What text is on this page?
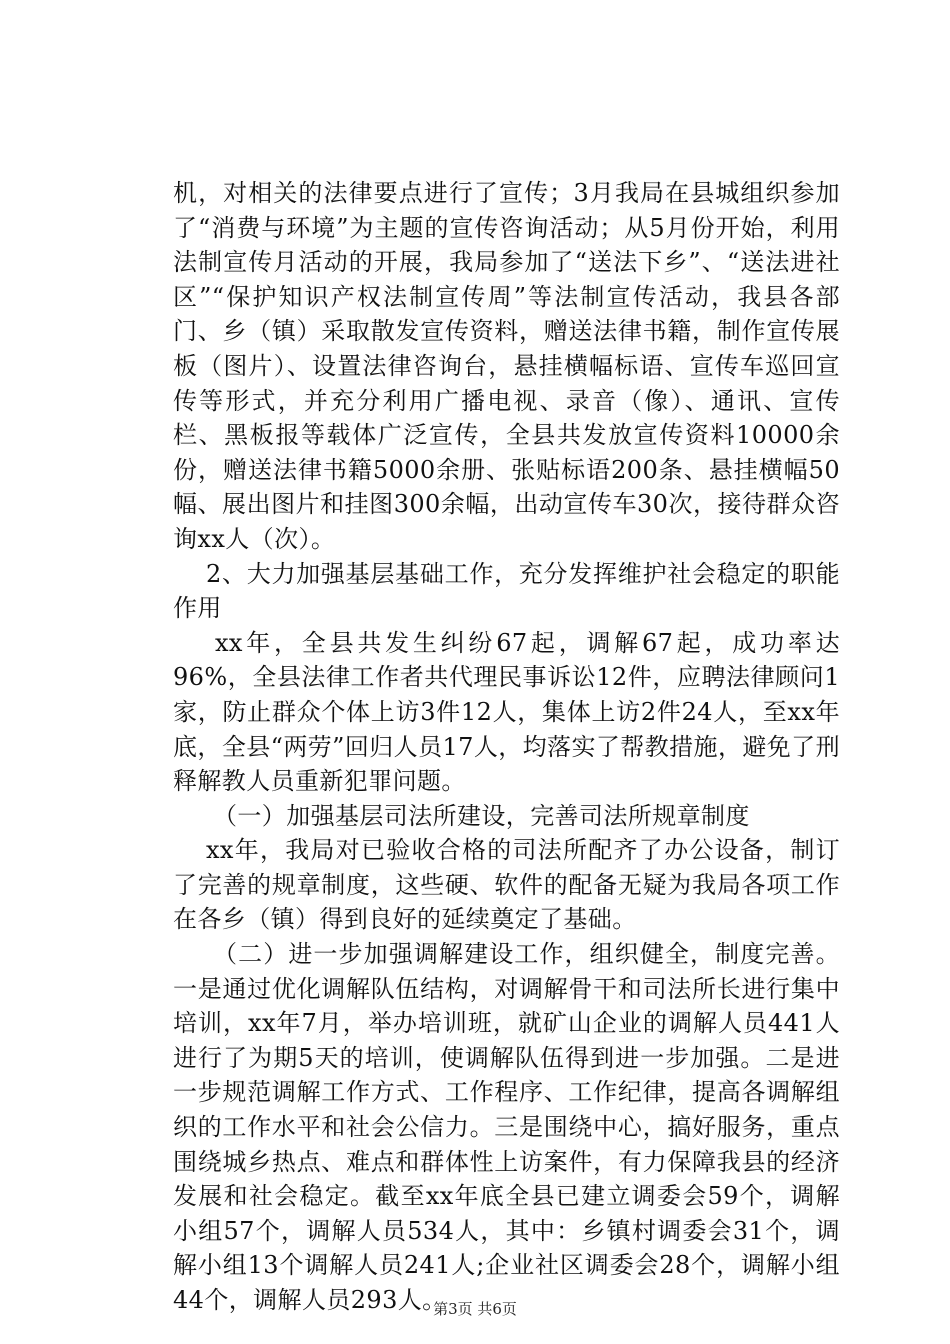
机，对相关的法律要点进行了宣传；3月我局在县城组织参加了“消费与环境”为主题的宣传咨询活动；从5月份开始，利用法制宣传月活动的开展，我局参加了“送法下乡”、“送法进社区”“保护知识产权法制宣传周”等法制宣传活动，我县各部门、乡（镇）采取散发宣传资料，赠送法律书籍，制作宣传展板（图片）、设置法律咨询台，悬挂横幅标语、宣传车巡回宣传等形式，并充分利用广播电视、录音（像）、通讯、宣传栏、黑板报等载体广泛宣传，全县共发放宣传资料10000余份，赠送法律书籍5000余册、张贴标语200条、悬挂横幅50幅、展出图片和挂图300余幅，出动宣传车30次，接待群众咨询xx人（次）。

2、大力加强基层基础工作，充分发挥维护社会稳定的职能作用

xx年，全县共发生纠纷67起，调解67起，成功率达96%，全县法律工作者共代理民事诉讼12件，应聘法律顾问1家，防止群众个体上访3件12人，集体上访2件24人，至xx年底，全县“两劳”回归人员17人，均落实了帮教措施，避免了刑释解教人员重新犯罪问题。

（一）加强基层司法所建设，完善司法所规章制度

xx年，我局对已验收合格的司法所配齐了办公设备，制订了完善的规章制度，这些硬、软件的配备无疑为我局各项工作在各乡（镇）得到良好的延续奠定了基础。

（二）进一步加强调解建设工作，组织健全，制度完善。一是通过优化调解队伍结构，对调解骨干和司法所长进行集中培训，xx年7月，举办培训班，就矿山企业的调解人员441人进行了为期5天的培训，使调解队伍得到进一步加强。二是进一步规范调解工作方式、工作程序、工作纪律，提高各调解组织的工作水平和社会公信力。三是围绕中心，搞好服务，重点围绕城乡热点、难点和群体性上访案件，有力保障我县的经济发展和社会稳定。截至xx年底全县已建立调委会59个，调解小组57个，调解人员534人，其中：乡镇村调委会31个，调解小组13个调解人员241人;企业社区调委会28个，调解小组44个，调解人员293人。

第3页 共6页
